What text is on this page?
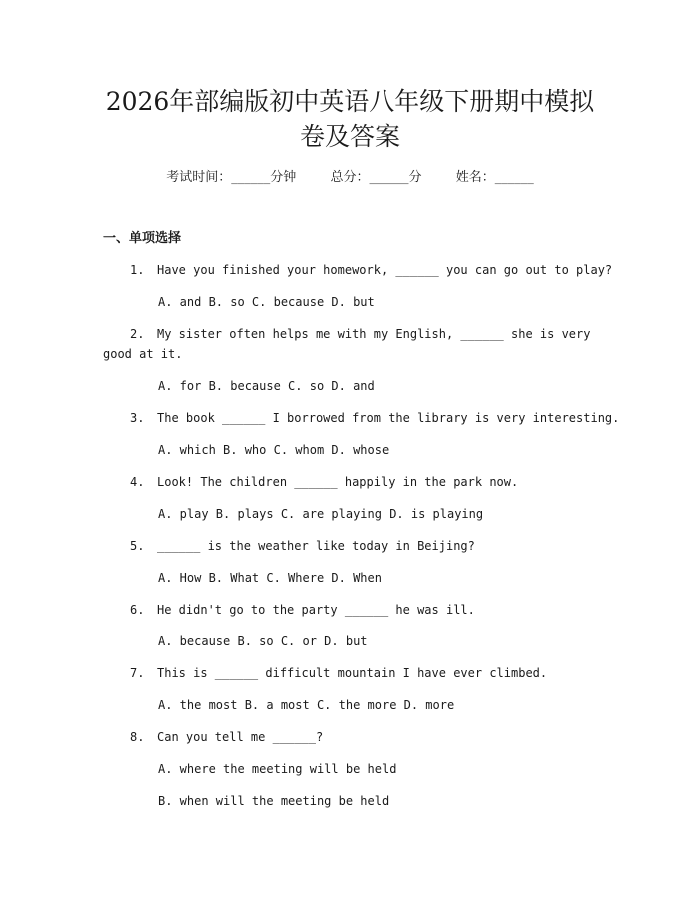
2026年部编版初中英语八年级下册期中模拟
卷及答案
考试时间：______分钟	总分：______分	姓名：______
一、单项选择

1. Have you finished your homework, ______ you can go out to play?

A. and B. so C. because D. but

2. My sister often helps me with my English, ______ she is very

good at it.

A. for B. because C. so D. and

3. The book ______ I borrowed from the library is very interesting.

A. which B. who C. whom D. whose

4. Look! The children ______ happily in the park now.

A. play B. plays C. are playing D. is playing

5. ______ is the weather like today in Beijing?

A. How B. What C. Where D. When

6. He didn't go to the party ______ he was ill.

A. because B. so C. or D. but

7. This is ______ difficult mountain I have ever climbed.

A. the most B. a most C. the more D. more

8. Can you tell me ______?

A. where the meeting will be held

B. when will the meeting be held
